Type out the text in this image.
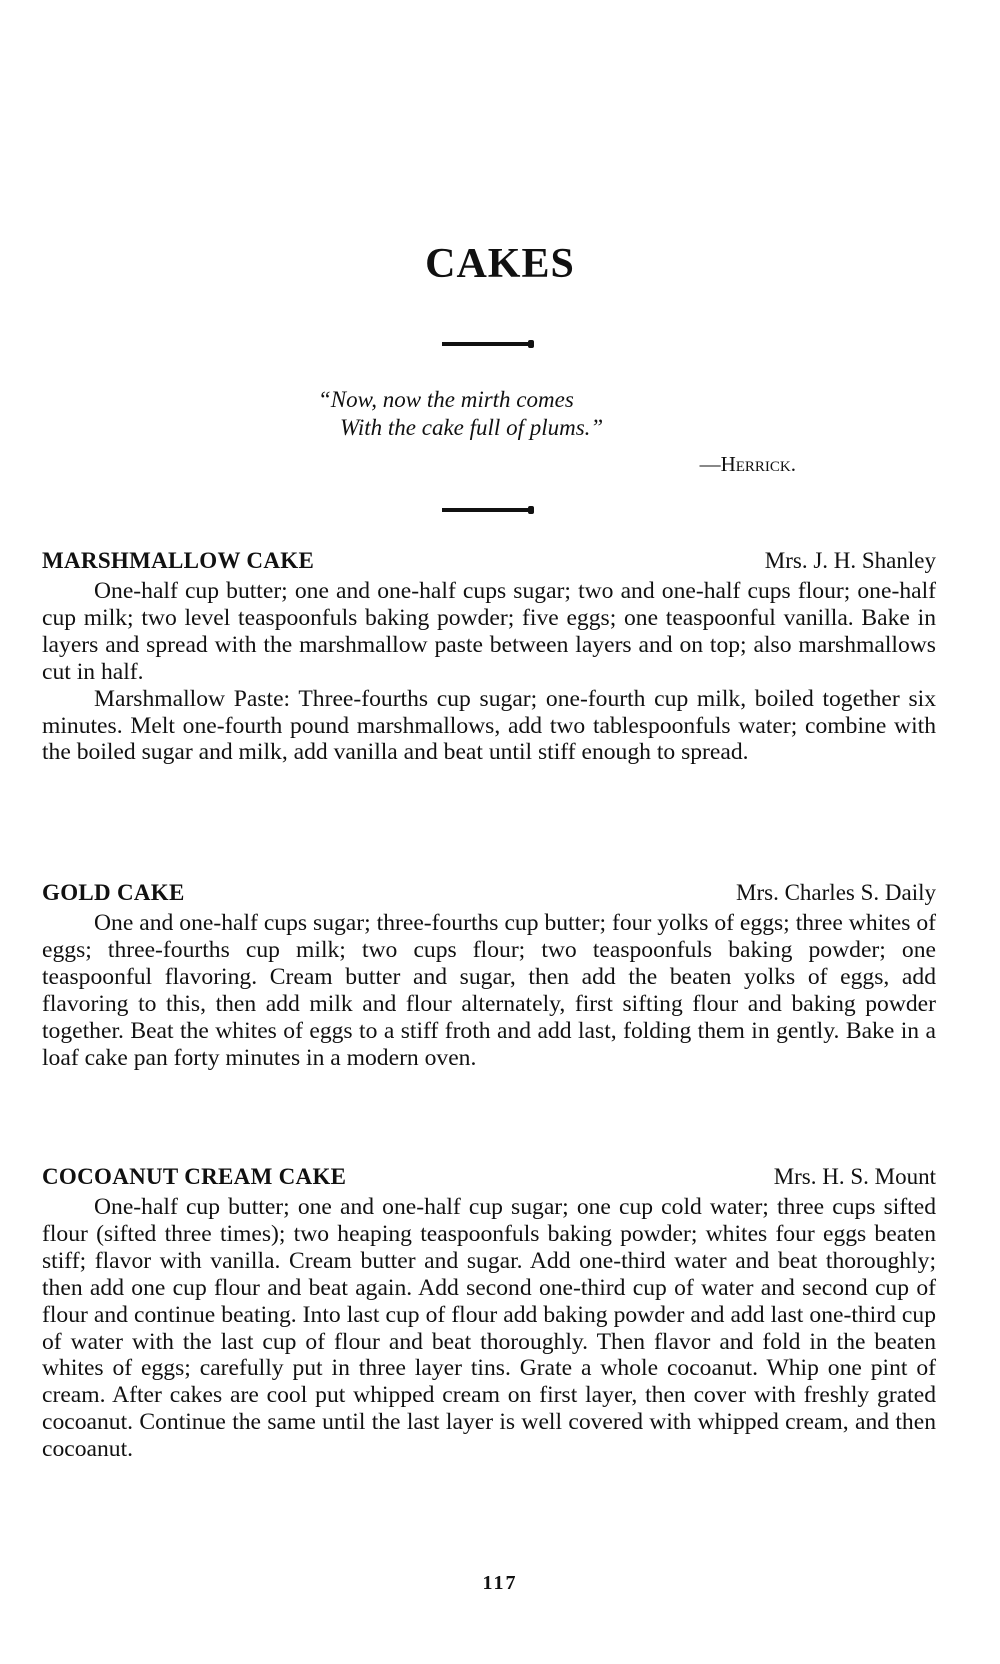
CAKES
“Now, now the mirth comes
With the cake full of plums.”
—Herrick.
MARSHMALLOW CAKE	Mrs. J. H. Shanley

One-half cup butter; one and one-half cups sugar; two and one-half cups flour; one-half cup milk; two level teaspoonfuls baking powder; five eggs; one teaspoonful vanilla. Bake in layers and spread with the marshmallow paste between layers and on top; also marshmallows cut in half.

Marshmallow Paste: Three-fourths cup sugar; one-fourth cup milk, boiled together six minutes. Melt one-fourth pound marshmallows, add two tablespoonfuls water; combine with the boiled sugar and milk, add vanilla and beat until stiff enough to spread.

GOLD CAKE	Mrs. Charles S. Daily

One and one-half cups sugar; three-fourths cup butter; four yolks of eggs; three whites of eggs; three-fourths cup milk; two cups flour; two teaspoonfuls baking powder; one teaspoonful flavoring. Cream butter and sugar, then add the beaten yolks of eggs, add flavoring to this, then add milk and flour alternately, first sifting flour and baking powder together. Beat the whites of eggs to a stiff froth and add last, folding them in gently. Bake in a loaf cake pan forty minutes in a modern oven.

COCOANUT CREAM CAKE	Mrs. H. S. Mount

One-half cup butter; one and one-half cup sugar; one cup cold water; three cups sifted flour (sifted three times); two heaping teaspoonfuls baking powder; whites four eggs beaten stiff; flavor with vanilla. Cream butter and sugar. Add one-third water and beat thoroughly; then add one cup flour and beat again. Add second one-third cup of water and second cup of flour and continue beating. Into last cup of flour add baking powder and add last one-third cup of water with the last cup of flour and beat thoroughly. Then flavor and fold in the beaten whites of eggs; carefully put in three layer tins. Grate a whole cocoanut. Whip one pint of cream. After cakes are cool put whipped cream on first layer, then cover with freshly grated cocoanut. Continue the same until the last layer is well covered with whipped cream, and then cocoanut.

117
